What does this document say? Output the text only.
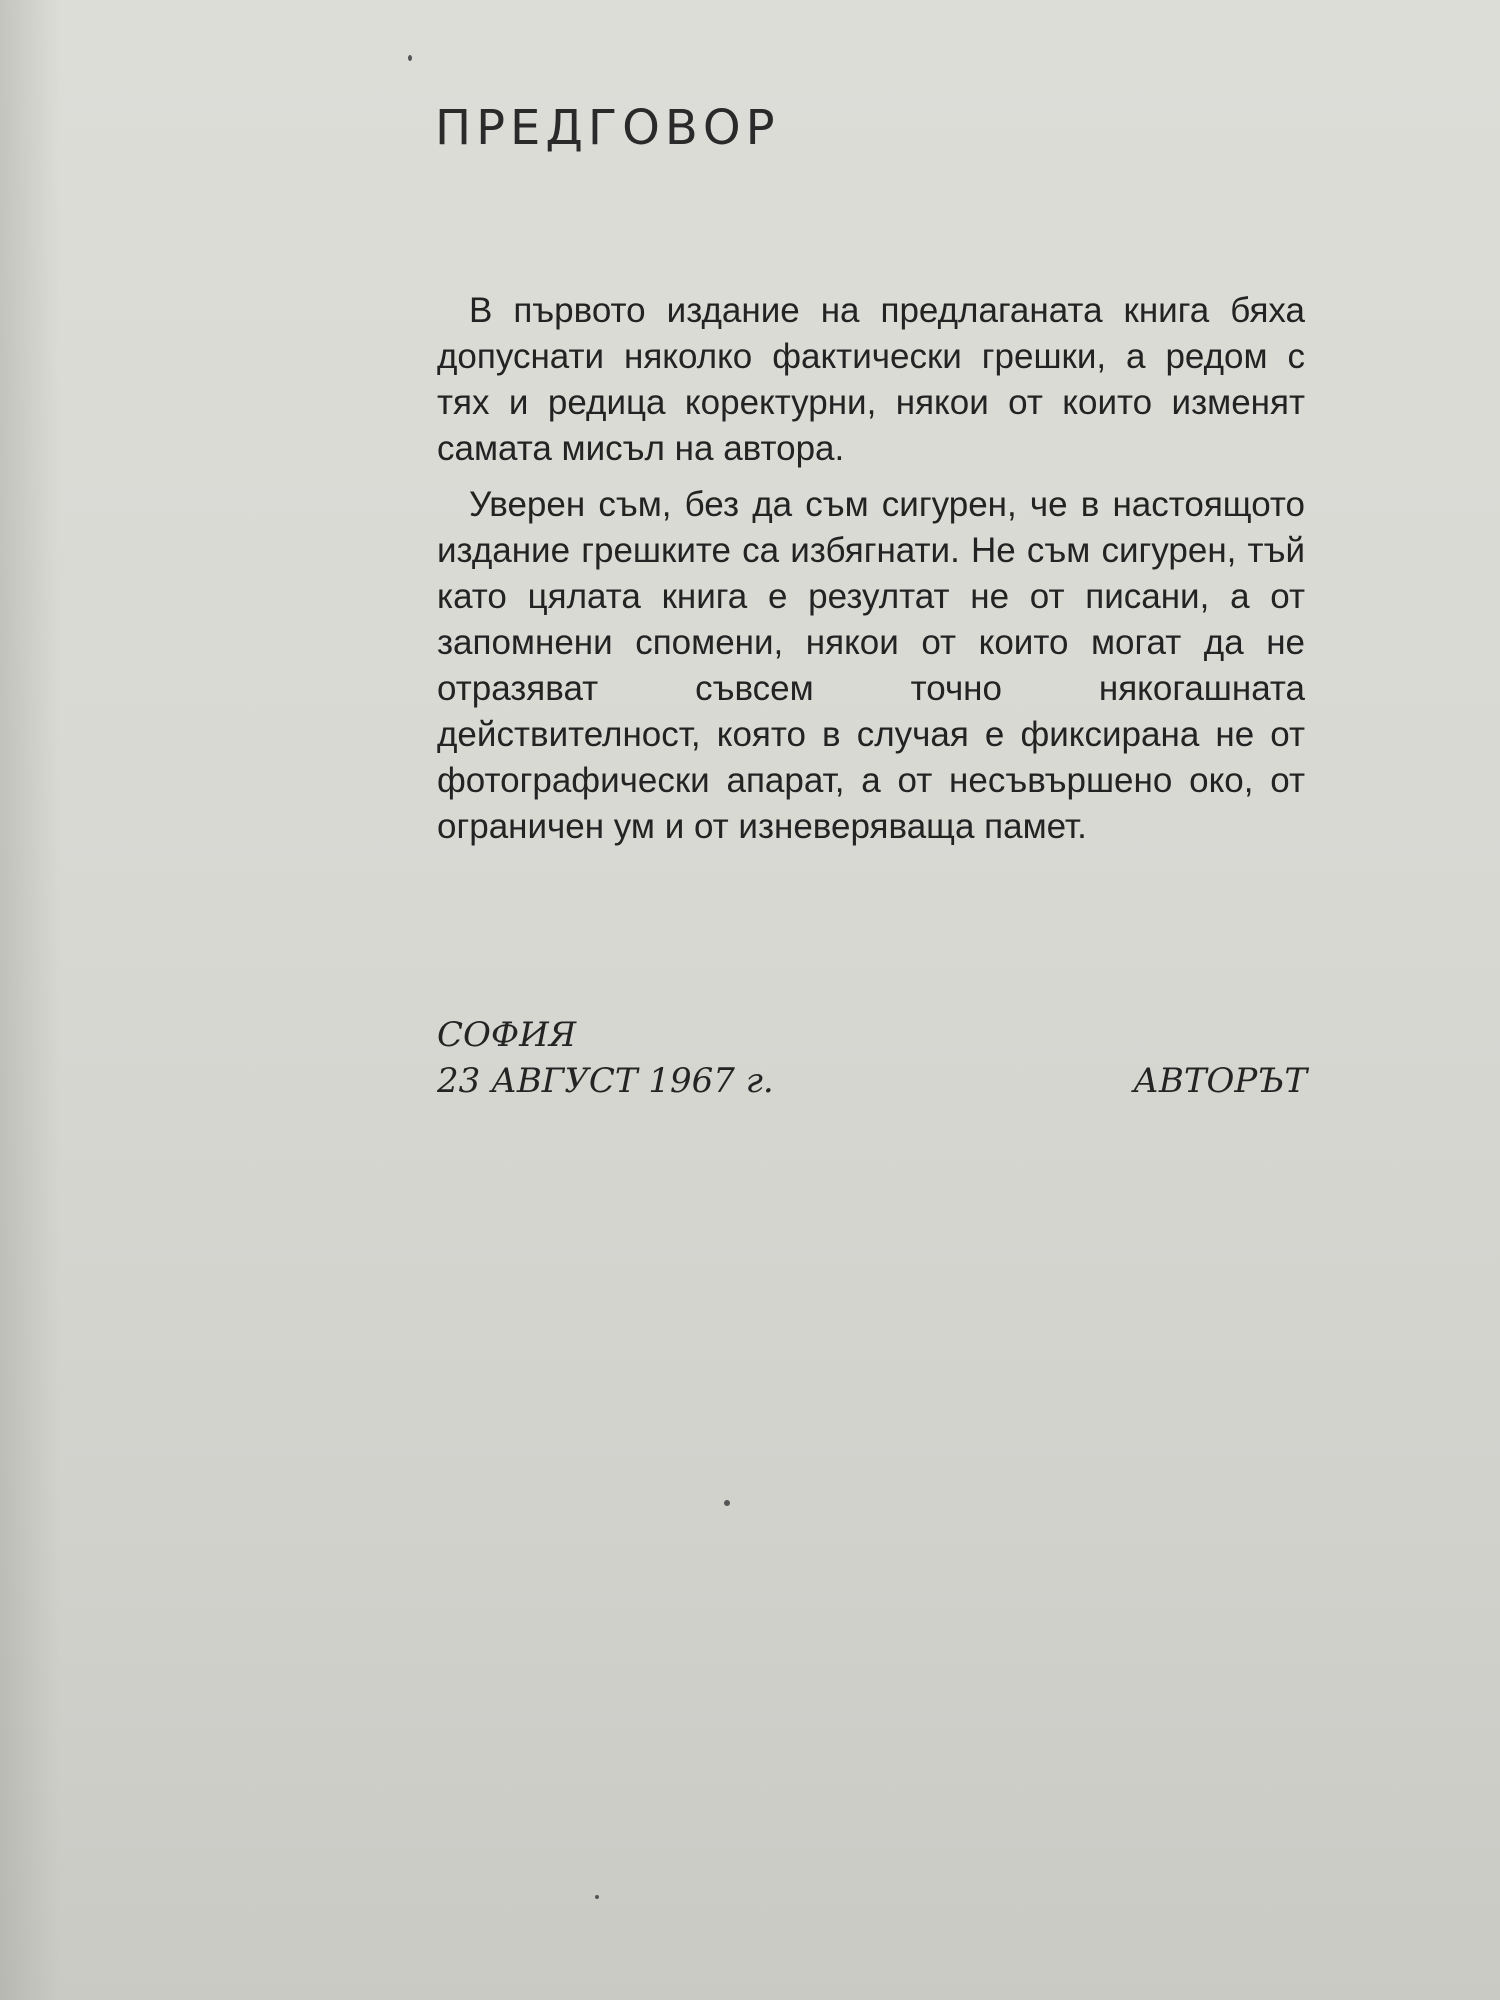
ПРЕДГОВОР

В първото издание на предлаганата книга бяха допуснати няколко фактически грешки, а редом с тях и редица коректурни, някои от които изменят самата мисъл на автора.

Уверен съм, без да съм сигурен, че в настоящото издание грешките са избягнати. Не съм сигурен, тъй като цялата книга е резултат не от писани, а от запомнени спомени, някои от които могат да не отразяват съвсем точно някогашната действителност, която в случая е фиксирана не от фотографически апарат, а от несъвършено око, от ограничен ум и от изневеряваща памет.

СОФИЯ
23 АВГУСТ 1967 г.	АВТОРЪТ
